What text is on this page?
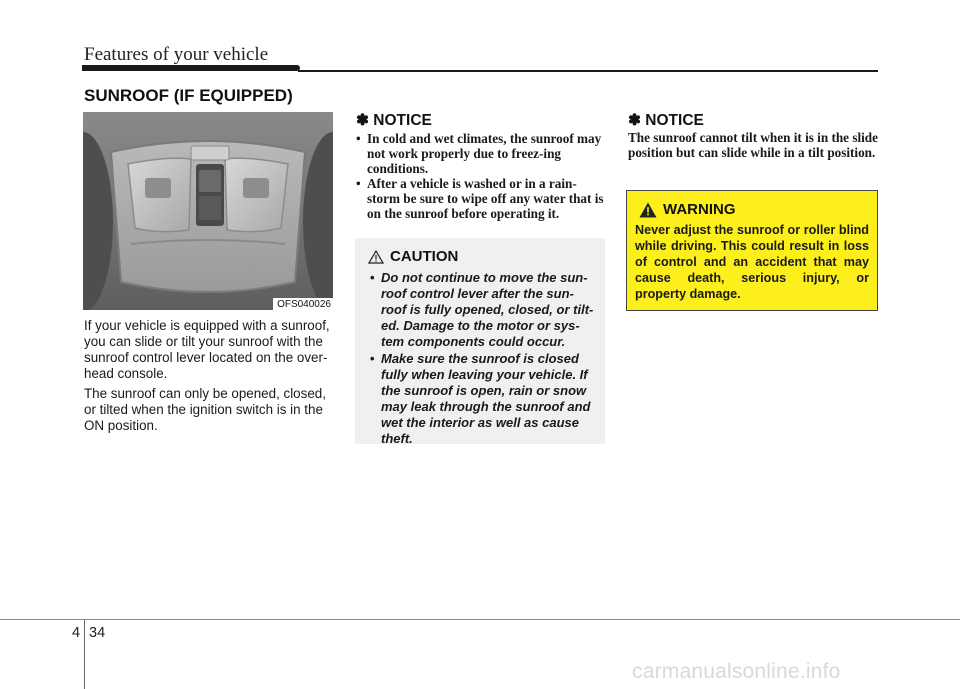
Features of your vehicle
SUNROOF (IF EQUIPPED)
OFS040026

If your vehicle is equipped with a sunroof, you can slide or tilt your sunroof with the sunroof control lever located on the over-head console.

The sunroof can only be opened, closed, or tilted when the ignition switch is in the ON position.

✽ NOTICE
• In cold and wet climates, the sunroof may not work properly due to freez-ing conditions.
• After a vehicle is washed or in a rain-storm be sure to wipe off any water that is on the sunroof before operating it.
CAUTION
• Do not continue to move the sun-roof control lever after the sun-roof is fully opened, closed, or tilt-ed. Damage to the motor or sys-tem components could occur.
• Make sure the sunroof is closed fully when leaving your vehicle. If the sunroof is open, rain or snow may leak through the sunroof and wet the interior as well as cause theft.
✽ NOTICE

The sunroof cannot tilt when it is in the slide position but can slide while in a tilt position.

WARNING

Never adjust the sunroof or roller blind while driving. This could result in loss of control and an accident that may cause death, serious injury, or property damage.

4 34
carmanualsonline.info
